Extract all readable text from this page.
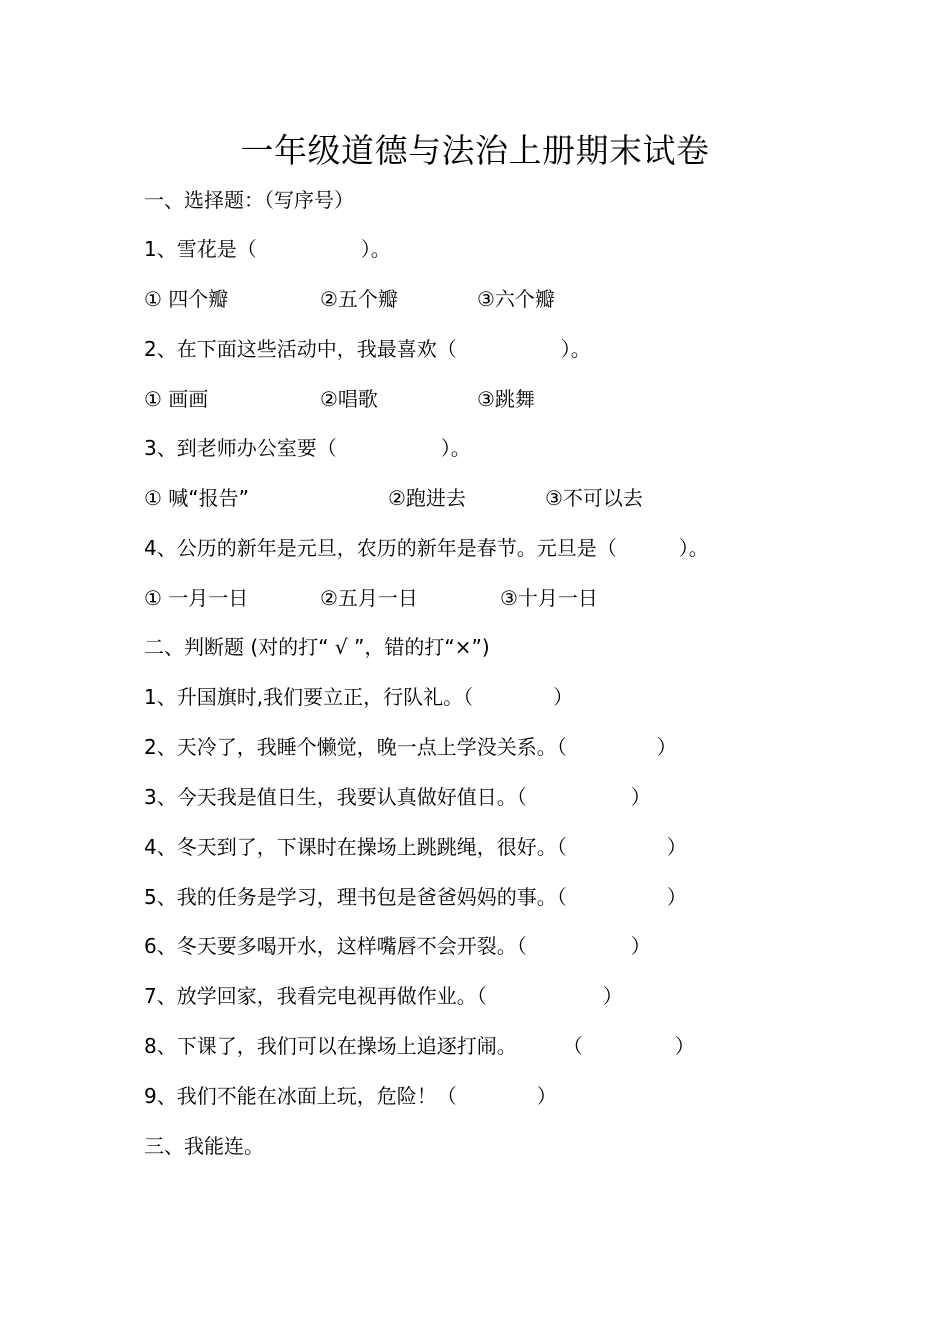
一年级道德与法治上册期末试卷

一、选择题：（写序号）

1、雪花是（	）。

① 四个瓣	②五个瓣	③六个瓣

2、在下面这些活动中，我最喜欢（	）。

① 画画	②唱歌	③跳舞

3、到老师办公室要（	）。

① 喊“报告”	②跑进去	③不可以去

4、公历的新年是元旦，农历的新年是春节。元旦是（	）。

① 一月一日	②五月一日	③十月一日

二、判断题 (对的打“ √ ”，错的打“×”)

1、升国旗时,我们要立正，行队礼。（	）

2、天冷了，我睡个懒觉，晚一点上学没关系。（	）

3、今天我是值日生，我要认真做好值日。（	）

4、冬天到了，下课时在操场上跳跳绳，很好。（	）

5、我的任务是学习，理书包是爸爸妈妈的事。（	）

6、冬天要多喝开水，这样嘴唇不会开裂。（	）

7、放学回家，我看完电视再做作业。（	）

8、下课了，我们可以在操场上追逐打闹。 （	）

9、我们不能在冰面上玩，危险！（	）

三、我能连。
